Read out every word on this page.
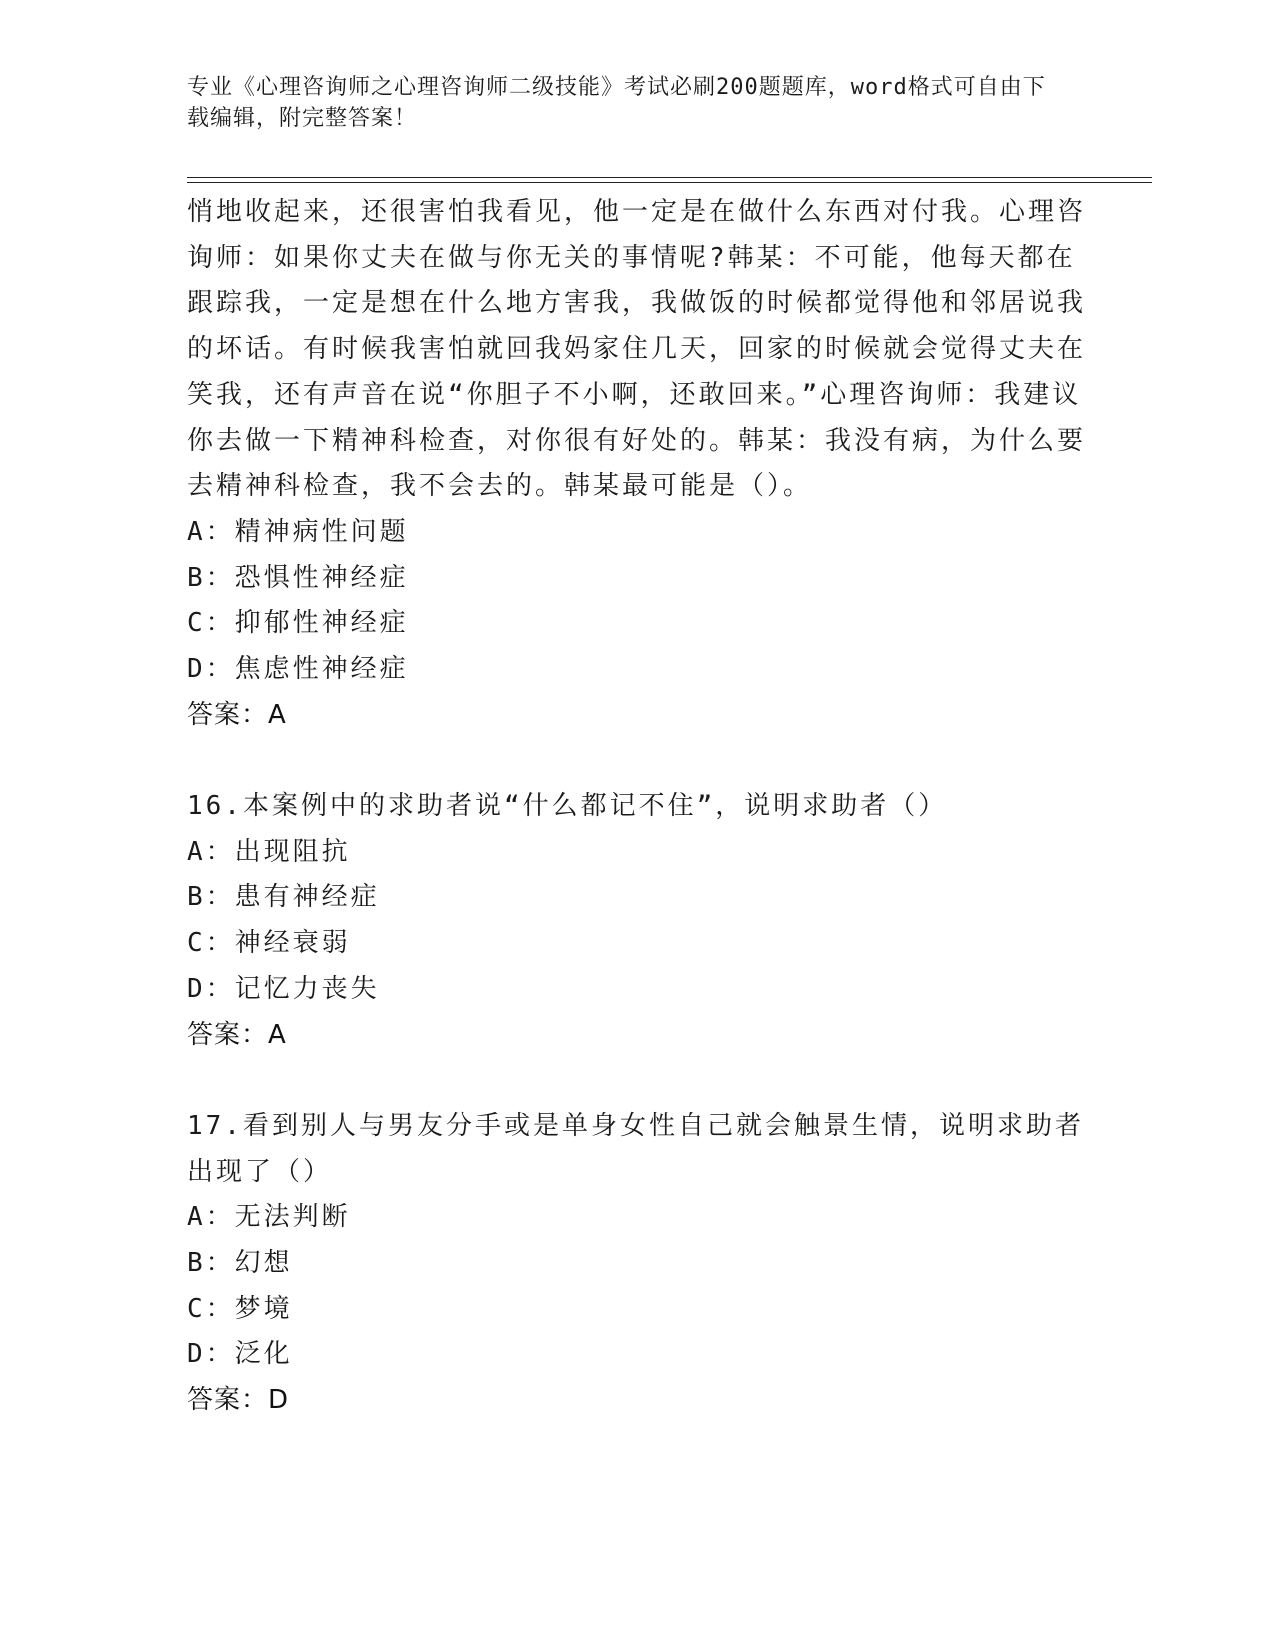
专业《心理咨询师之心理咨询师二级技能》考试必刷200题题库，word格式可自由下载编辑，附完整答案！
悄地收起来，还很害怕我看见，他一定是在做什么东西对付我。心理咨询师：如果你丈夫在做与你无关的事情呢?韩某：不可能，他每天都在跟踪我，一定是想在什么地方害我，我做饭的时候都觉得他和邻居说我的坏话。有时候我害怕就回我妈家住几天，回家的时候就会觉得丈夫在笑我，还有声音在说“你胆子不小啊，还敢回来。”心理咨询师：我建议你去做一下精神科检查，对你很有好处的。韩某：我没有病，为什么要去精神科检查，我不会去的。韩某最可能是（）。
A：精神病性问题
B：恐惧性神经症
C：抑郁性神经症
D：焦虑性神经症
答案：A
16.本案例中的求助者说“什么都记不住”，说明求助者（）
A：出现阻抗
B：患有神经症
C：神经衰弱
D：记忆力丧失
答案：A
17.看到别人与男友分手或是单身女性自己就会触景生情，说明求助者出现了（）
A：无法判断
B：幻想
C：梦境
D：泛化
答案：D
